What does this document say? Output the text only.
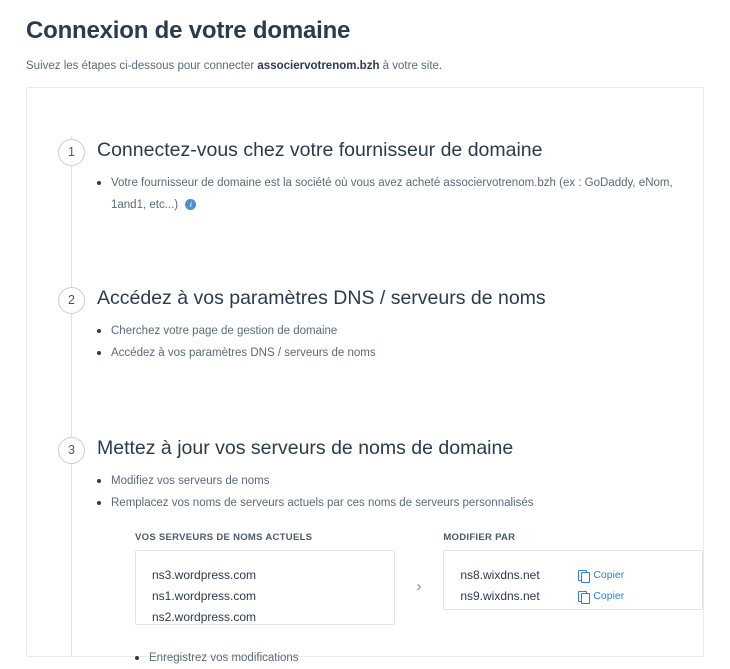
Connexion de votre domaine

Suivez les étapes ci-dessous pour connecter associervotrenom.bzh à votre site.

1	Connectez-vous chez votre fournisseur de domaine
Votre fournisseur de domaine est la société où vous avez acheté associervotrenom.bzh (ex : GoDaddy, eNom, 1and1, etc...) i
2	Accédez à vos paramètres DNS / serveurs de noms
Cherchez votre page de gestion de domaine
Accédez à vos paramètres DNS / serveurs de noms
3	Mettez à jour vos serveurs de noms de domaine
Modifiez vos serveurs de noms
Remplacez vos noms de serveurs actuels par ces noms de serveurs personnalisés
VOS SERVEURS DE NOMS ACTUELS
ns3.wordpress.com
ns1.wordpress.com
ns2.wordpress.com
›
MODIFIER PAR
ns8.wixdns.net	Copier
ns9.wixdns.net	Copier
Enregistrez vos modifications
